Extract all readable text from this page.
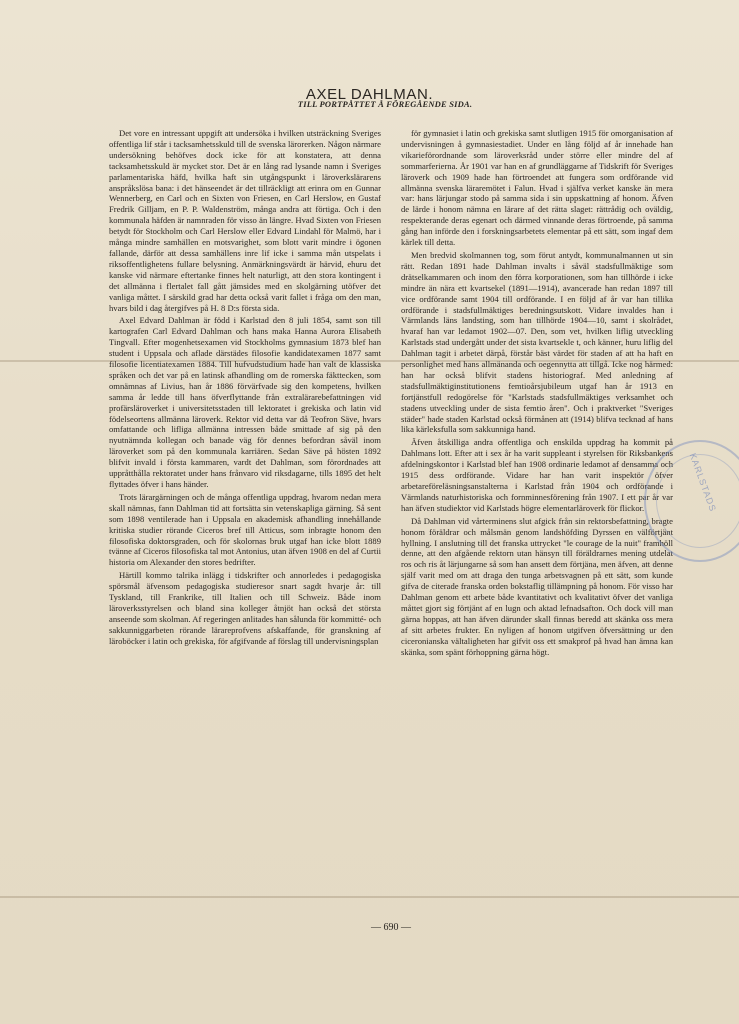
AXEL DAHLMAN.
TILL PORTPÅTTET Å FÖREGÅENDE SIDA.

Det vore en intressant uppgift att undersöka i hvilken utsträckning Sveriges offentliga lif står i tacksamhetsskuld till de svenska lärorerken. Någon närmare undersökning behöfves dock icke för att konstatera, att denna tacksamhetsskuld är mycket stor. Det är en lång rad lysande namn i Sveriges parlamentariska häfd, hvilka haft sin utgångspunkt i läroverkslärarens anspråkslösa bana: i det hänseendet är det tillräckligt att erinra om en Gunnar Wennerberg, en Carl och en Sixten von Friesen, en Carl Herslow, en Gustaf Fredrik Gilljam, en P. P. Waldenström, många andra att förtiga. Och i den kommunala häfden är namnraden för visso än längre. Hvad Sixten von Friesen betydt för Stockholm och Carl Herslow eller Edvard Lindahl för Malmö, har i många mindre samhällen en motsvarighet, som blott varit mindre i ögonen fallande, därför att dessa samhällens inre lif icke i samma mån utspelats i riksoffentlighetens fullare belysning. Anmärkningsvärdt är härvid, ehuru det kanske vid närmare eftertanke finnes helt naturligt, att den stora kontingent i det allmänna i flertalet fall gått jämsides med en skolgärning utöfver det vanliga måttet. I särskild grad har detta också varit fallet i fråga om den man, hvars bild i dag återgifves på H. 8 D:s första sida.

Axel Edvard Dahlman är född i Karlstad den 8 juli 1854, samt son till kartografen Carl Edvard Dahlman och hans maka Hanna Aurora Elisabeth Tingvall. Efter mogenhetsexamen vid Stockholms gymnasium 1873 blef han student i Uppsala och aflade därstädes filosofie kandidatexamen 1877 samt filosofie licentiatexamen 1884. Till hufvudstudium hade han valt de klassiska språken och det var på en latinsk afhandling om de romerska fäkttecken, som omnämnas af Livius, han år 1886 förvärfvade sig den kompetens, hvilken samma år ledde till hans öfverflyttande från extralärarebefattningen vid profärsläroverket i universitetsstaden till lektoratet i grekiska och latin vid födelseortens allmänna läroverk. Rektor vid detta var då Teofron Säve, hvars omfattande och lifliga allmänna intressen både smittade af sig på den nyutnämnda kollegan och banade väg för dennes befordran såväl inom läroverket som på den kommunala karriären. Sedan Säve på hösten 1892 blifvit invald i första kammaren, vardt det Dahlman, som förordnades att uppråtthålla rektoratet under hans frånvaro vid riksdagarne, tills 1895 det helt flyttades öfver i hans händer.

Trots lärargärningen och de många offentliga uppdrag, hvarom nedan mera skall nämnas, fann Dahlman tid att fortsätta sin vetenskapliga gärning. Så sent som 1898 ventilerade han i Uppsala en akademisk afhandling innehållande kritiska studier rörande Ciceros bref till Atticus, som inbragte honom den filosofiska doktorsgraden, och för skolornas bruk utgaf han icke blott 1889 tvänne af Ciceros filosofiska tal mot Antonius, utan äfven 1908 en del af Curtii historia om Alexander den stores bedrifter.

Härtill kommo talrika inlägg i tidskrifter och annorledes i pedagogiska spörsmål äfvensom pedagogiska studieresor snart sagdt hvarje år: till Tyskland, till Frankrike, till Italien och till Schweiz. Både inom läroverksstyrelsen och bland sina kolleger åtnjöt han också det största anseende som skolman. Af regeringen anlitades han sålunda för kommitté- och sakkunniggarbeten rörande lärareprofvens afskaffande, för granskning af läroböcker i latin och grekiska, för afgifvande af förslag till undervisningsplan

för gymnasiet i latin och grekiska samt slutligen 1915 för omorganisation af undervisningen å gymnasiestadiet. Under en lång följd af år innehade han vikarieförordnande som läroverksråd under större eller mindre del af sommarferierna. År 1901 var han en af grundläggarne af Tidskrift för Sveriges läroverk och 1909 hade han förtroendet att fungera som ordförande vid allmänna svenska läraremötet i Falun. Hvad i själfva verket kanske än mera var: hans lärjungar stodo på samma sida i sin uppskattning af honom. Äfven de lärde i honom nämna en lärare af det rätta slaget: rättrådig och oväldig, respekterande deras egenart och därmed vinnande deras förtroende, på samma gång han införde den i forskningsarbetets elementar på ett sätt, som ingaf dem kärlek till detta.

Men bredvid skolmannen tog, som förut antydt, kommunalmannen ut sin rätt. Redan 1891 hade Dahlman invalts i såväl stadsfullmäktige som drätselkammaren och inom den förra korporationen, som han tillhörde i icke mindre än nära ett kvartsekel (1891—1914), avancerade han redan 1897 till vice ordförande samt 1904 till ordförande. I en följd af år var han tillika ordförande i stadsfullmäktiges beredningsutskott. Vidare invaldes han i Värmlands läns landsting, som han tillhörde 1904—10, samt i skolrådet, hvaraf han var ledamot 1902—07. Den, som vet, hvilken liflig utveckling Karlstads stad undergått under det sista kvartsekle t, och känner, huru liflig del Dahlman tagit i arbetet därpå, förstår bäst värdet för staden af att ha haft en personlighet med hans allmänanda och oegennytta att tillgå. Icke nog härmed: han har också blifvit stadens historiograf. Med anledning af stadsfullmäktiginstitutionens femtioårsjubileum utgaf han år 1913 en fortjänstfull redogörelse för "Karlstads stadsfullmäktiges verksamhet och stadens utveckling under de sista femtio åren". Och i praktverket "Sveriges städer" hade staden Karlstad också förmånen att (1914) blifva tecknad af hans lika kärleksfulla som sakkunniga hand.

Äfven åtskilliga andra offentliga och enskilda uppdrag ha kommit på Dahlmans lott. Efter att i sex år ha varit suppleant i styrelsen för Riksbankens afdelningskontor i Karlstad blef han 1908 ordinarie ledamot af densamma och 1915 dess ordförande. Vidare har han varit inspektör öfver arbetareföreläsningsanstalterna i Karlstad från 1904 och ordförande i Värmlands naturhistoriska och fornminnesförening från 1907. I ett par år var han äfven studiektor vid Karlstads högre elementarläroverk för flickor.

Då Dahlman vid vårterminens slut afgick från sin rektorsbefattning, bragte honom föräldrar och målsmän genom landshöfding Dyrssen en välförtjänt hyllning. I anslutning till det franska uttrycket "le courage de la nuit" framhöll denne, att den afgående rektorn utan hänsyn till föräldrarnes mening utdelat ros och ris åt lärjungarne så som han ansett dem förtjäna, men äfven, att denne själf varit med om att draga den tunga arbetsvagnen på ett sätt, som kunde gifva de citerade franska orden bokstaflig tillämpning på honom. För visso har Dahlman genom ett arbete både kvantitativt och kvalitativt öfver det vanliga måttet gjort sig förtjänt af en lugn och aktad lefnadsafton. Och dock vill man gärna hoppas, att han äfven därunder skall finnas beredd att skänka oss mera af sitt arbetes frukter. En nyligen af honom utgifven öfversättning ur den ciceronianska vältaligheten har gifvit oss ett smakprof på hvad han ämna kan skänka, som spänt förhoppning gärna högt.

— 690 —
KARLSTADS
